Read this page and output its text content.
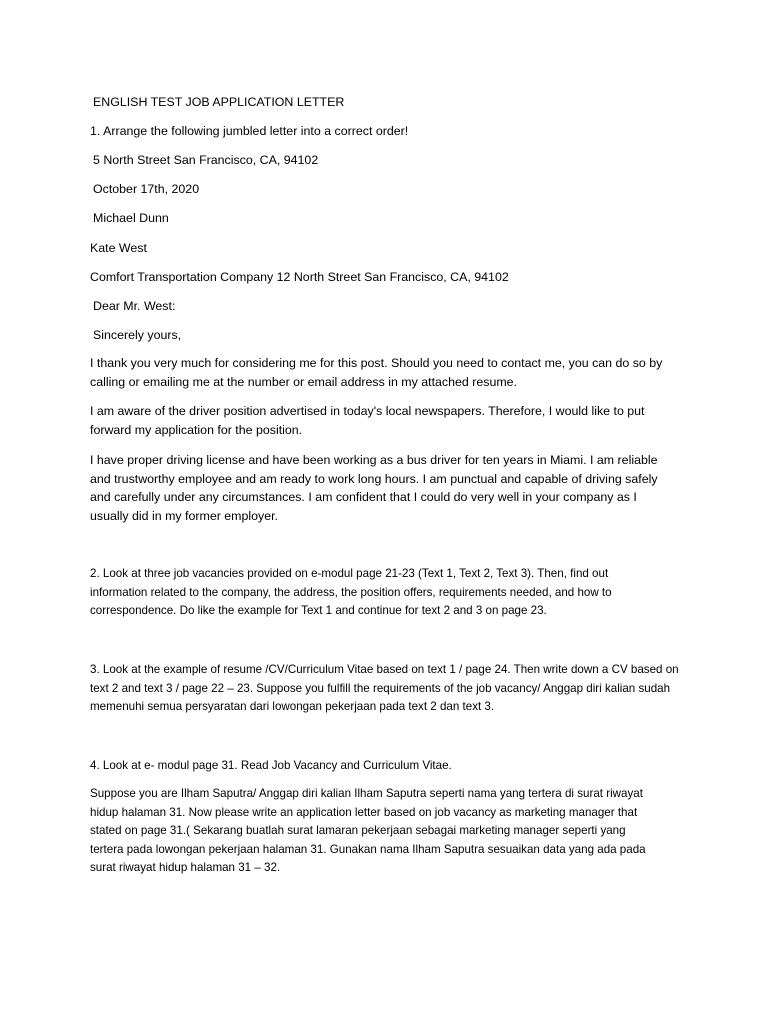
ENGLISH TEST JOB APPLICATION LETTER

1. Arrange the following jumbled letter into a correct order!

5 North Street San Francisco, CA, 94102

October 17th, 2020

Michael Dunn

Kate West

Comfort Transportation Company 12 North Street San Francisco, CA, 94102

Dear Mr. West:

Sincerely yours,

I thank you very much for considering me for this post. Should you need to contact me, you can do so by calling or emailing me at the number or email address in my attached resume.

I am aware of the driver position advertised in today's local newspapers. Therefore, I would like to put forward my application for the position.

I have proper driving license and have been working as a bus driver for ten years in Miami. I am reliable and trustworthy employee and am ready to work long hours. I am punctual and capable of driving safely and carefully under any circumstances. I am confident that I could do very well in your company as I usually did in my former employer.

2. Look at three job vacancies provided on e-modul page 21-23 (Text 1, Text 2, Text 3). Then, find out information related to the company, the address, the position offers, requirements needed, and how to correspondence. Do like the example for Text 1 and continue for text 2 and 3 on page 23.

3. Look at the example of resume /CV/Curriculum Vitae based on text 1 / page 24. Then write down a CV based on text 2 and text 3 / page 22 – 23. Suppose you fulfill the requirements of the job vacancy/ Anggap diri kalian sudah memenuhi semua persyaratan dari lowongan pekerjaan pada text 2 dan text 3.

4. Look at e- modul page 31. Read Job Vacancy and Curriculum Vitae.

Suppose you are Ilham Saputra/ Anggap diri kalian Ilham Saputra seperti nama yang tertera di surat riwayat hidup halaman 31. Now please write an application letter based on job vacancy as marketing manager that stated on page 31.( Sekarang buatlah surat lamaran pekerjaan sebagai marketing manager seperti yang tertera pada lowongan pekerjaan halaman 31. Gunakan nama Ilham Saputra sesuaikan data yang ada pada surat riwayat hidup halaman 31 – 32.
